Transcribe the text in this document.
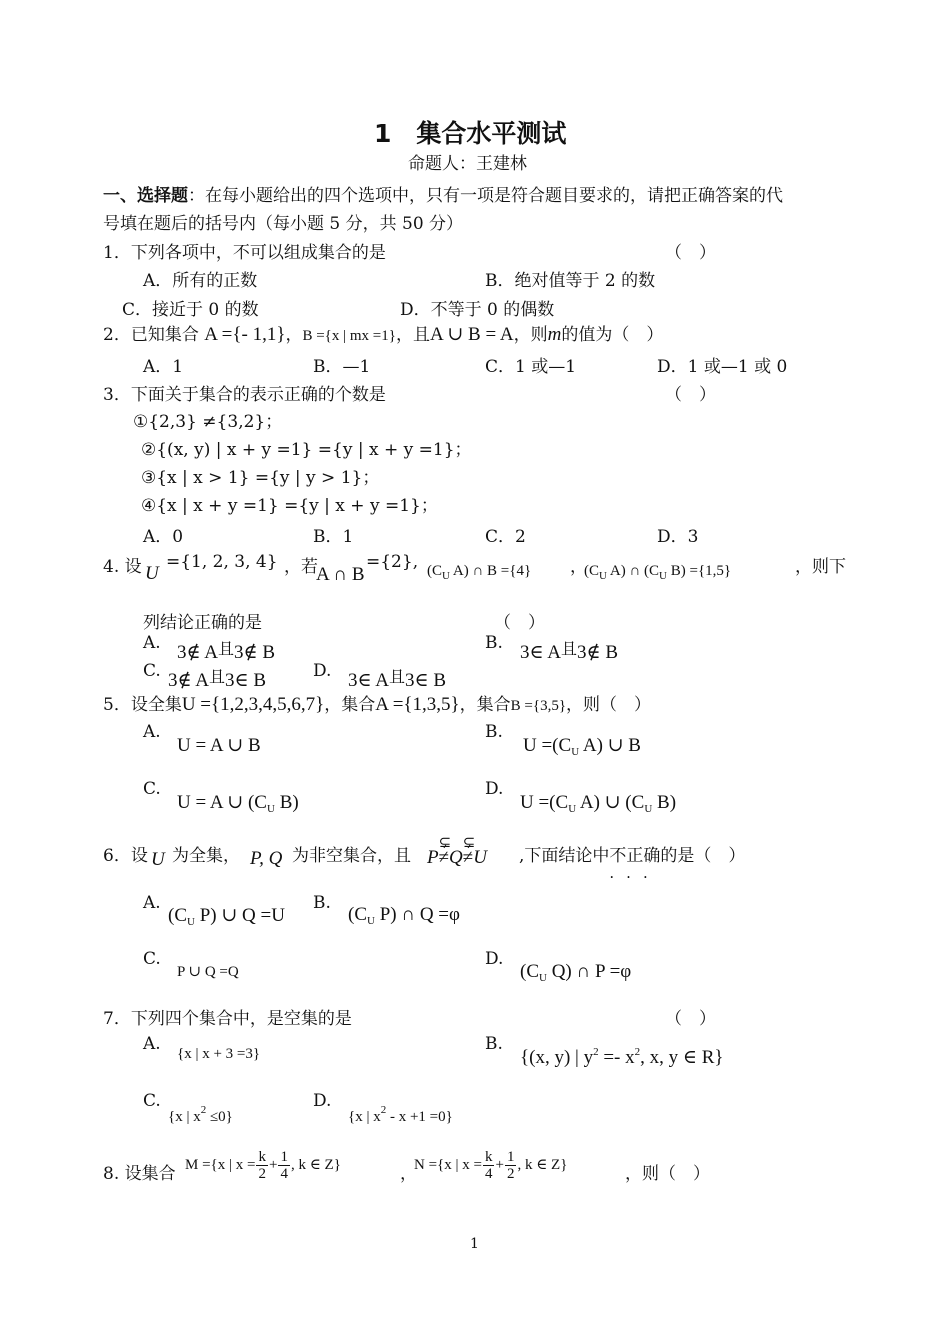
1　集合水平测试
命题人：王建林
一、选择题：在每小题给出的四个选项中，只有一项是符合题目要求的，请把正确答案的代
号填在题后的括号内（每小题 5 分，共 50 分）
1．下列各项中，不可以组成集合的是	（　）
A．所有的正数	B．绝对值等于 2 的数
C．接近于 0 的数	D．不等于 0 的偶数
2．已知集合 A ={- 1,1}，B ={x | mx =1}，且A ∪ B = A，则m的值为（　）
A．1	B．—1	C．1 或—1	D．1 或—1 或 0
3．下面关于集合的表示正确的个数是	（　）
①{2,3} ≠{3,2}；
②{(x, y) | x + y =1} ={y | x + y =1}；
③{x | x > 1} ={y | y > 1}；
④{x | x + y =1} ={y | x + y =1}；
A．0	B．1	C．2	D．3
4. 设 U
={1, 2, 3, 4} ，若
A ∩ B
={2}, ($C_U$ A) ∩ B ={4} ，
($C_U$ A) ∩ ($C_U$ B) ={1,5}	，则下
列结论正确的是	（　）
A. 3∉ $A^且3\notin$ B	B. 3∈ $A^且3\notin$ B
C. 3∉ $A^且3\in$ B	D. 3∈ $A^且3\in$ B
5．设全集U ={1,2,3,4,5,6,7}，集合A ={1,3,5}，集合B ={3,5}，则（　）
A.
U = A ∪ B
B.
$U =(C_U$ A) ∪ B
C.
U = A ∪ ($C_U$ B)
D.
$U =(C_U$ A) ∪ ($C_U$ B)
6．设 U 为全集， P, Q 为非空集合，且 P
⊊
≠Q
⊊
≠U ,下面结论中不正确
···
的是（　）
A.
($C_U$ P) ∪ Q =U
B.
($C_U$ P) ∩ Q =φ
C.
P ∪ Q =Q
D.
($C_U$ Q) ∩ P =φ
7．下列四个集合中，是空集的是	（　）
A. {x | x + 3 =3}	B.
{(x, y) | $y^2 =- x^2$, x, y ∈ R}
C.
{x | $x^2 \le 0$}
D.
{x | $x^2 - x +1 =0$}
8. 设集合 M ={x | $x = \frac{k}{2} + \frac{1}{4}$ , k ∈ Z}	，
N ={x | $x = \frac{k}{4} + \frac{1}{2}$ , k ∈ Z}	，则（　）
1
